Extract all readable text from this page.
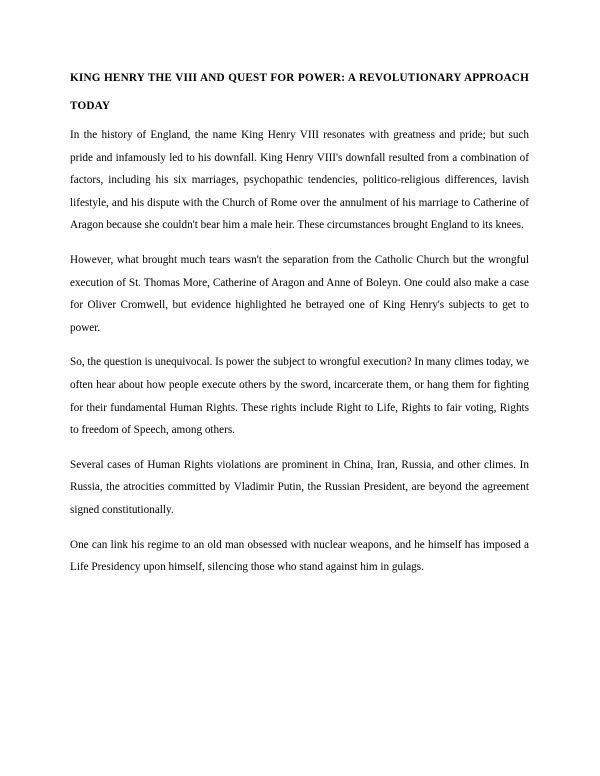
KING HENRY THE VIII AND QUEST FOR POWER: A REVOLUTIONARY APPROACH TODAY

In the history of England, the name King Henry VIII resonates with greatness and pride; but such pride and infamously led to his downfall. King Henry VIII's downfall resulted from a combination of factors, including his six marriages, psychopathic tendencies, politico-religious differences, lavish lifestyle, and his dispute with the Church of Rome over the annulment of his marriage to Catherine of Aragon because she couldn't bear him a male heir. These circumstances brought England to its knees.

However, what brought much tears wasn't the separation from the Catholic Church but the wrongful execution of St. Thomas More, Catherine of Aragon and Anne of Boleyn. One could also make a case for Oliver Cromwell, but evidence highlighted he betrayed one of King Henry's subjects to get to power.

So, the question is unequivocal. Is power the subject to wrongful execution? In many climes today, we often hear about how people execute others by the sword, incarcerate them, or hang them for fighting for their fundamental Human Rights. These rights include Right to Life, Rights to fair voting, Rights to freedom of Speech, among others.

Several cases of Human Rights violations are prominent in China, Iran, Russia, and other climes. In Russia, the atrocities committed by Vladimir Putin, the Russian President, are beyond the agreement signed constitutionally.

One can link his regime to an old man obsessed with nuclear weapons, and he himself has imposed a Life Presidency upon himself, silencing those who stand against him in gulags.
